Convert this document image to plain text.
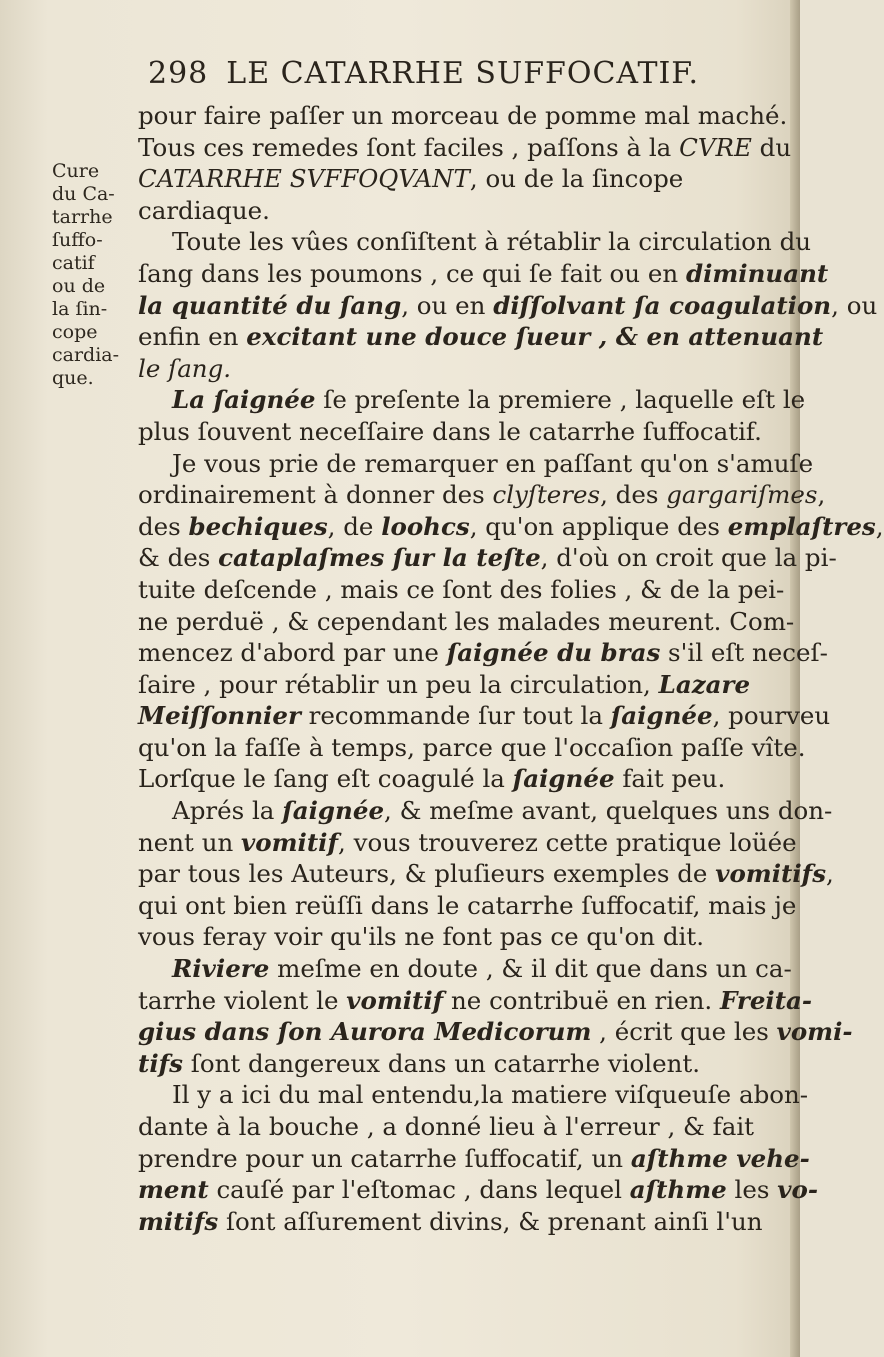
298 LE CATARRHE SUFFOCATIF.
Cure
du Ca-
tarrhe
ſuffo-
catif
ou de
la ſin-
cope
cardia-
que.
pour faire paſſer un morceau de pomme mal maché.
Tous ces remedes ſont faciles , paſſons à la CVRE du
CATARRHE SVFFOQVANT, ou de la ſincope
cardiaque.
Toute les vûes conſiſtent à rétablir la circulation du
ſang dans les poumons , ce qui ſe fait ou en diminuant
la quantité du ſang, ou en diſſolvant ſa coagulation, ou
enfin en excitant une douce ſueur , & en attenuant
le ſang.
La ſaignée ſe preſente la premiere , laquelle eſt le
plus ſouvent neceſſaire dans le catarrhe ſuffocatif.
Je vous prie de remarquer en paſſant qu'on s'amuſe
ordinairement à donner des clyſteres, des gargariſmes,
des bechiques, de loohcs, qu'on applique des emplaſtres,
& des cataplaſmes ſur la teſte, d'où on croit que la pi-
tuite deſcende , mais ce ſont des folies , & de la pei-
ne perduë , & cependant les malades meurent. Com-
mencez d'abord par une ſaignée du bras s'il eſt neceſ-
ſaire , pour rétablir un peu la circulation, Lazare
Meiſſonnier recommande ſur tout la ſaignée, pourveu
qu'on la faſſe à temps, parce que l'occaſion paſſe vîte.
Lorſque le ſang eſt coagulé la ſaignée fait peu.
Aprés la ſaignée, & meſme avant, quelques uns don-
nent un vomitif, vous trouverez cette pratique loüée
par tous les Auteurs, & pluſieurs exemples de vomitifs,
qui ont bien reüſſi dans le catarrhe ſuffocatif, mais je
vous feray voir qu'ils ne font pas ce qu'on dit.
Riviere meſme en doute , & il dit que dans un ca-
tarrhe violent le vomitif ne contribuë en rien. Freita-
gius dans ſon Aurora Medicorum , écrit que les vomi-
tifs ſont dangereux dans un catarrhe violent.
Il y a ici du mal entendu,la matiere viſqueuſe abon-
dante à la bouche , a donné lieu à l'erreur , & fait
prendre pour un catarrhe ſuffocatif, un aſthme vehe-
ment cauſé par l'eſtomac , dans lequel aſthme les vo-
mitifs ſont aſſurement divins, & prenant ainſi l'un
